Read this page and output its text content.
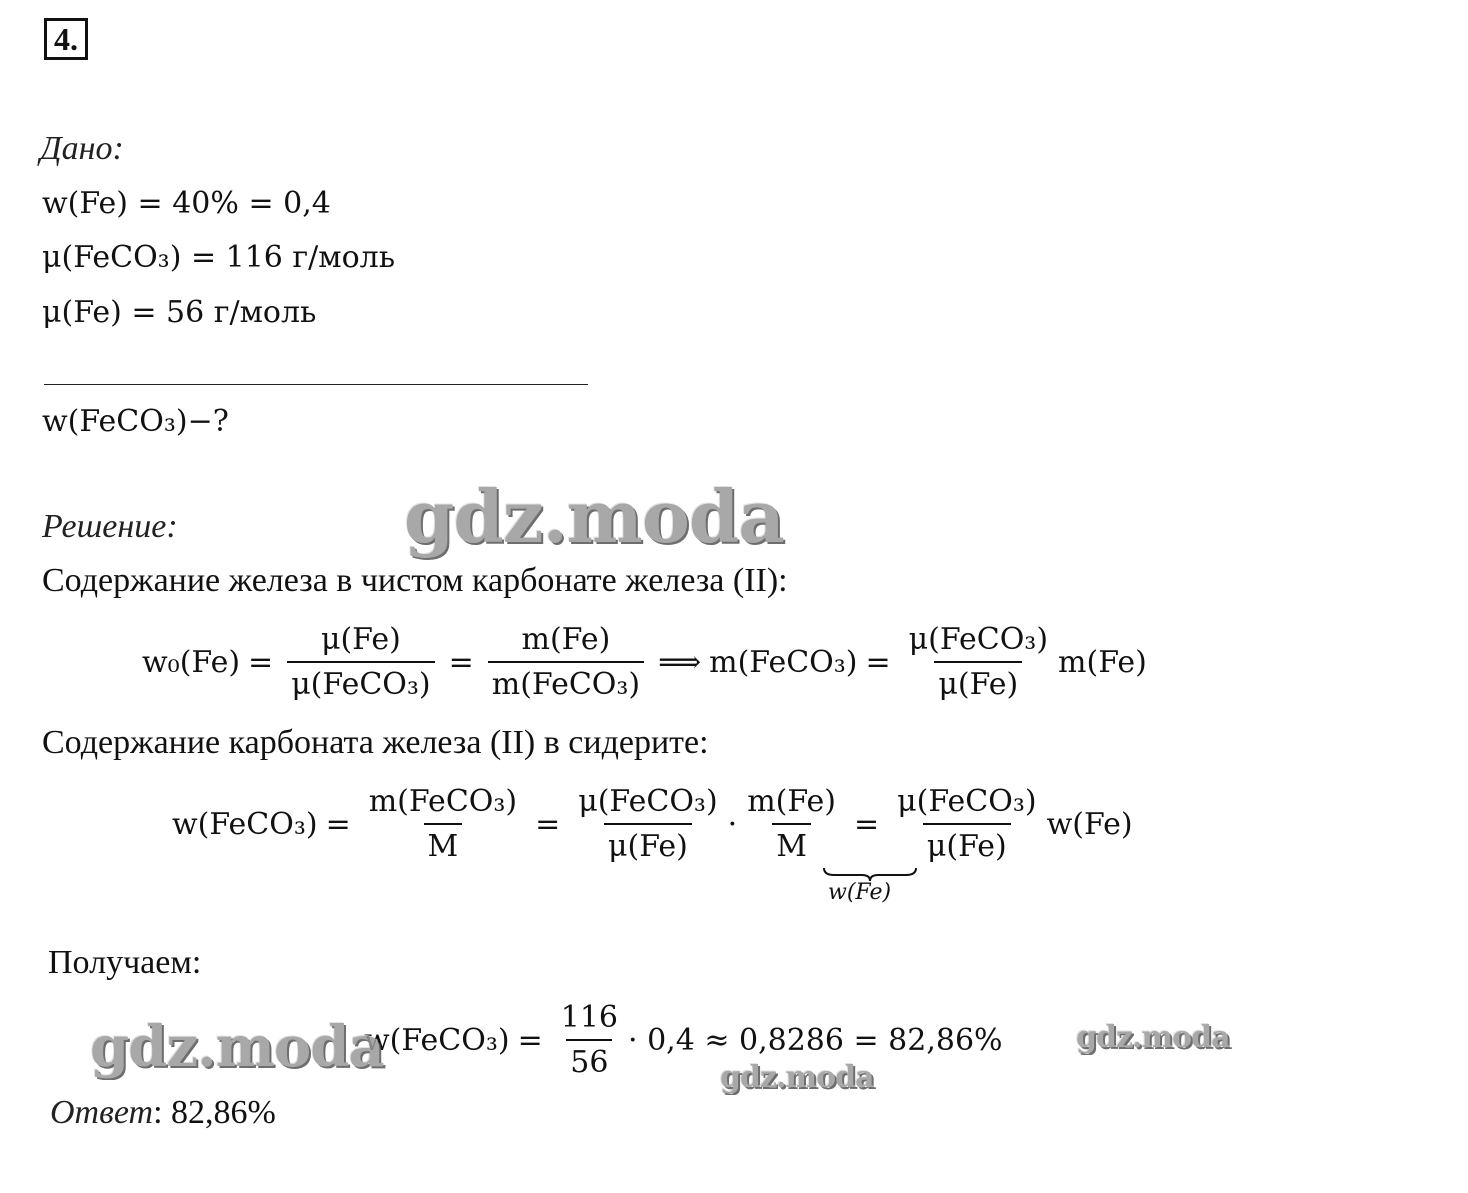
4.
Дано:
w(Fe) = 40% = 0,4
μ(FeCO₃) = 116 г/моль
μ(Fe) = 56 г/моль
w(FeCO₃)−?
Решение:
Содержание железа в чистом карбонате железа (II):
$w_0(Fe) = \frac{\mu(Fe)}{\text{μ(FeCO₃)}} = \frac{m(Fe)}{\text{m(FeCO₃)}}$ ⟹ m(FeCO₃) = $\frac{\text{μ(FeCO₃)}}{\mu(Fe)} m(Fe)$
Содержание карбоната железа (II) в сидерите:
w(FeCO₃) = $\frac{\text{m(FeCO₃)}}{M} = \frac{\text{μ(FeCO₃)}}{\mu(Fe)} \cdot \frac{m(Fe)}{M} = \frac{\text{μ(FeCO₃)}}{\mu(Fe)} w(Fe)$
w(Fe)
Получаем:
w(FeCO₃) = $\frac{116}{56} \cdot 0,4 \approx 0,8286 = 82,86\%$
Ответ: 82,86%
gdz.moda
gdz.moda	gdz.moda
gdz.moda
